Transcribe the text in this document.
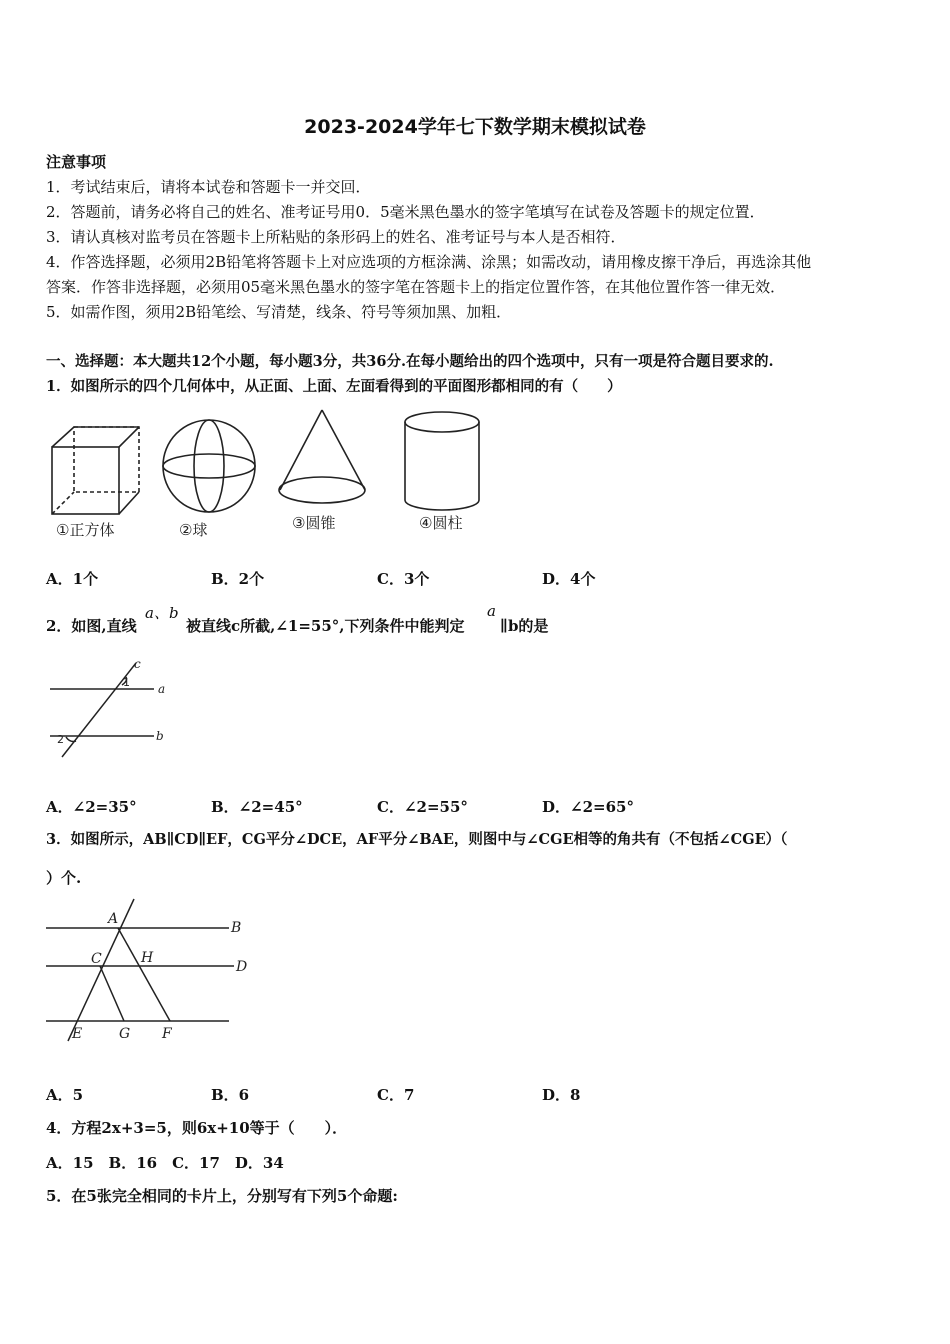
2023-2024学年七下数学期末模拟试卷
注意事项
1．考试结束后，请将本试卷和答题卡一并交回．
2．答题前，请务必将自己的姓名、准考证号用0．5毫米黑色墨水的签字笔填写在试卷及答题卡的规定位置．
3．请认真核对监考员在答题卡上所粘贴的条形码上的姓名、准考证号与本人是否相符．
4．作答选择题，必须用2B铅笔将答题卡上对应选项的方框涂满、涂黑；如需改动，请用橡皮擦干净后，再选涂其他
答案．作答非选择题，必须用05毫米黑色墨水的签字笔在答题卡上的指定位置作答，在其他位置作答一律无效．
5．如需作图，须用2B铅笔绘、写清楚，线条、符号等须加黑、加粗．
一、选择题：本大题共12个小题，每小题3分，共36分.在每小题给出的四个选项中，只有一项是符合题目要求的.
1．如图所示的四个几何体中，从正面、上面、左面看得到的平面图形都相同的有（　　）
①正方体	②球	③圆锥	④圆柱
A．1个	B．2个	C．3个	D．4个
2．如图,直线
a、b
被直线c所截,∠1=55°,下列条件中能判定
a
∥b的是
c
a
b
1
2
A．∠2=35°	B．∠2=45°	C．∠2=55°	D．∠2=65°
3．如图所示，AB∥CD∥EF，CG平分∠DCE，AF平分∠BAE，则图中与∠CGE相等的角共有（不包括∠CGE）（
）个.
A
B
C	H
D
E	G F
A．5	B．6	C．7	D．8
4．方程2x+3=5，则6x+10等于（　　）．
A．15　B．16　C．17　D．34
5．在5张完全相同的卡片上，分别写有下列5个命题:
